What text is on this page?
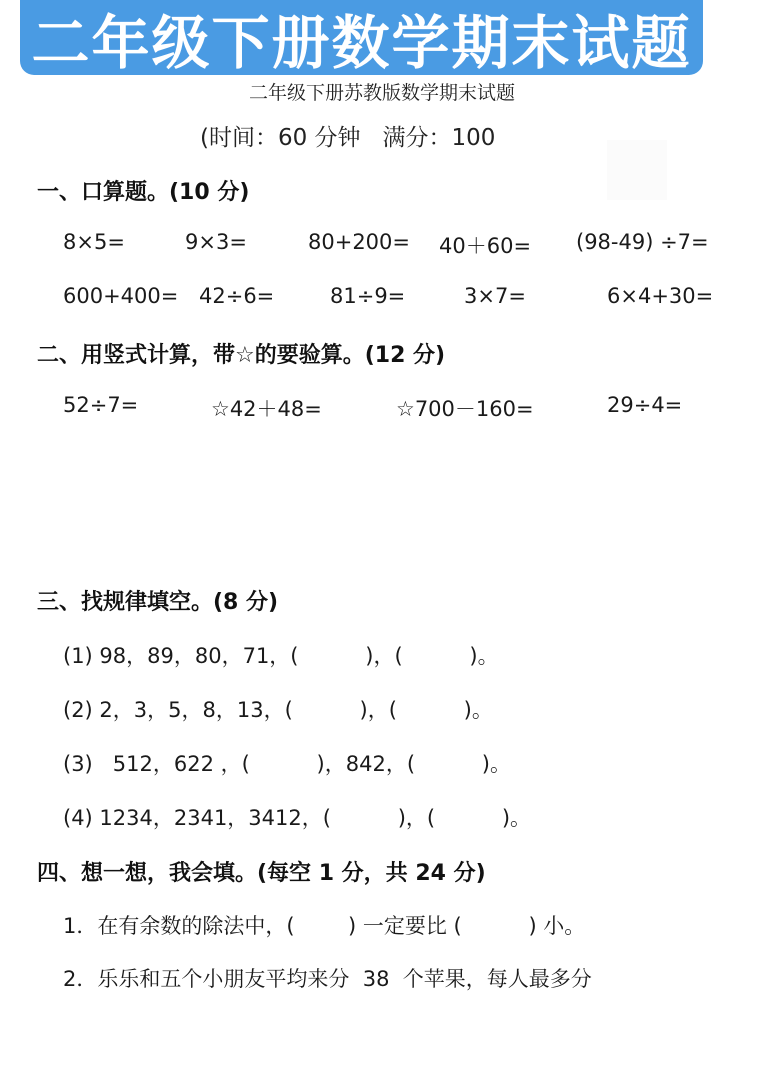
二年级下册数学期末试题
二年级下册苏教版数学期末试题
(时间：60 分钟   满分：100
一、口算题。(10 分)
8×5=	9×3=	80+200= 40＋60= (98-49) ÷7=
600+400= 42÷6=	81÷9=	3×7=	6×4+30=
二、用竖式计算，带☆的要验算。(12 分)
52÷7=	☆42＋48=	☆700－160=	29÷4=
三、找规律填空。(8 分)
(1) 98，89，80，71，(          )，(          )。
(2) 2，3，5，8，13，(          )，(          )。
(3)   512，622 ，(          )，842，(          )。
(4) 1234，2341，3412，(          )，(          )。
四、想一想，我会填。(每空 1 分，共 24 分)
1．在有余数的除法中，(        ) 一定要比 (          ) 小。
2．乐乐和五个小朋友平均来分  38  个苹果，每人最多分
